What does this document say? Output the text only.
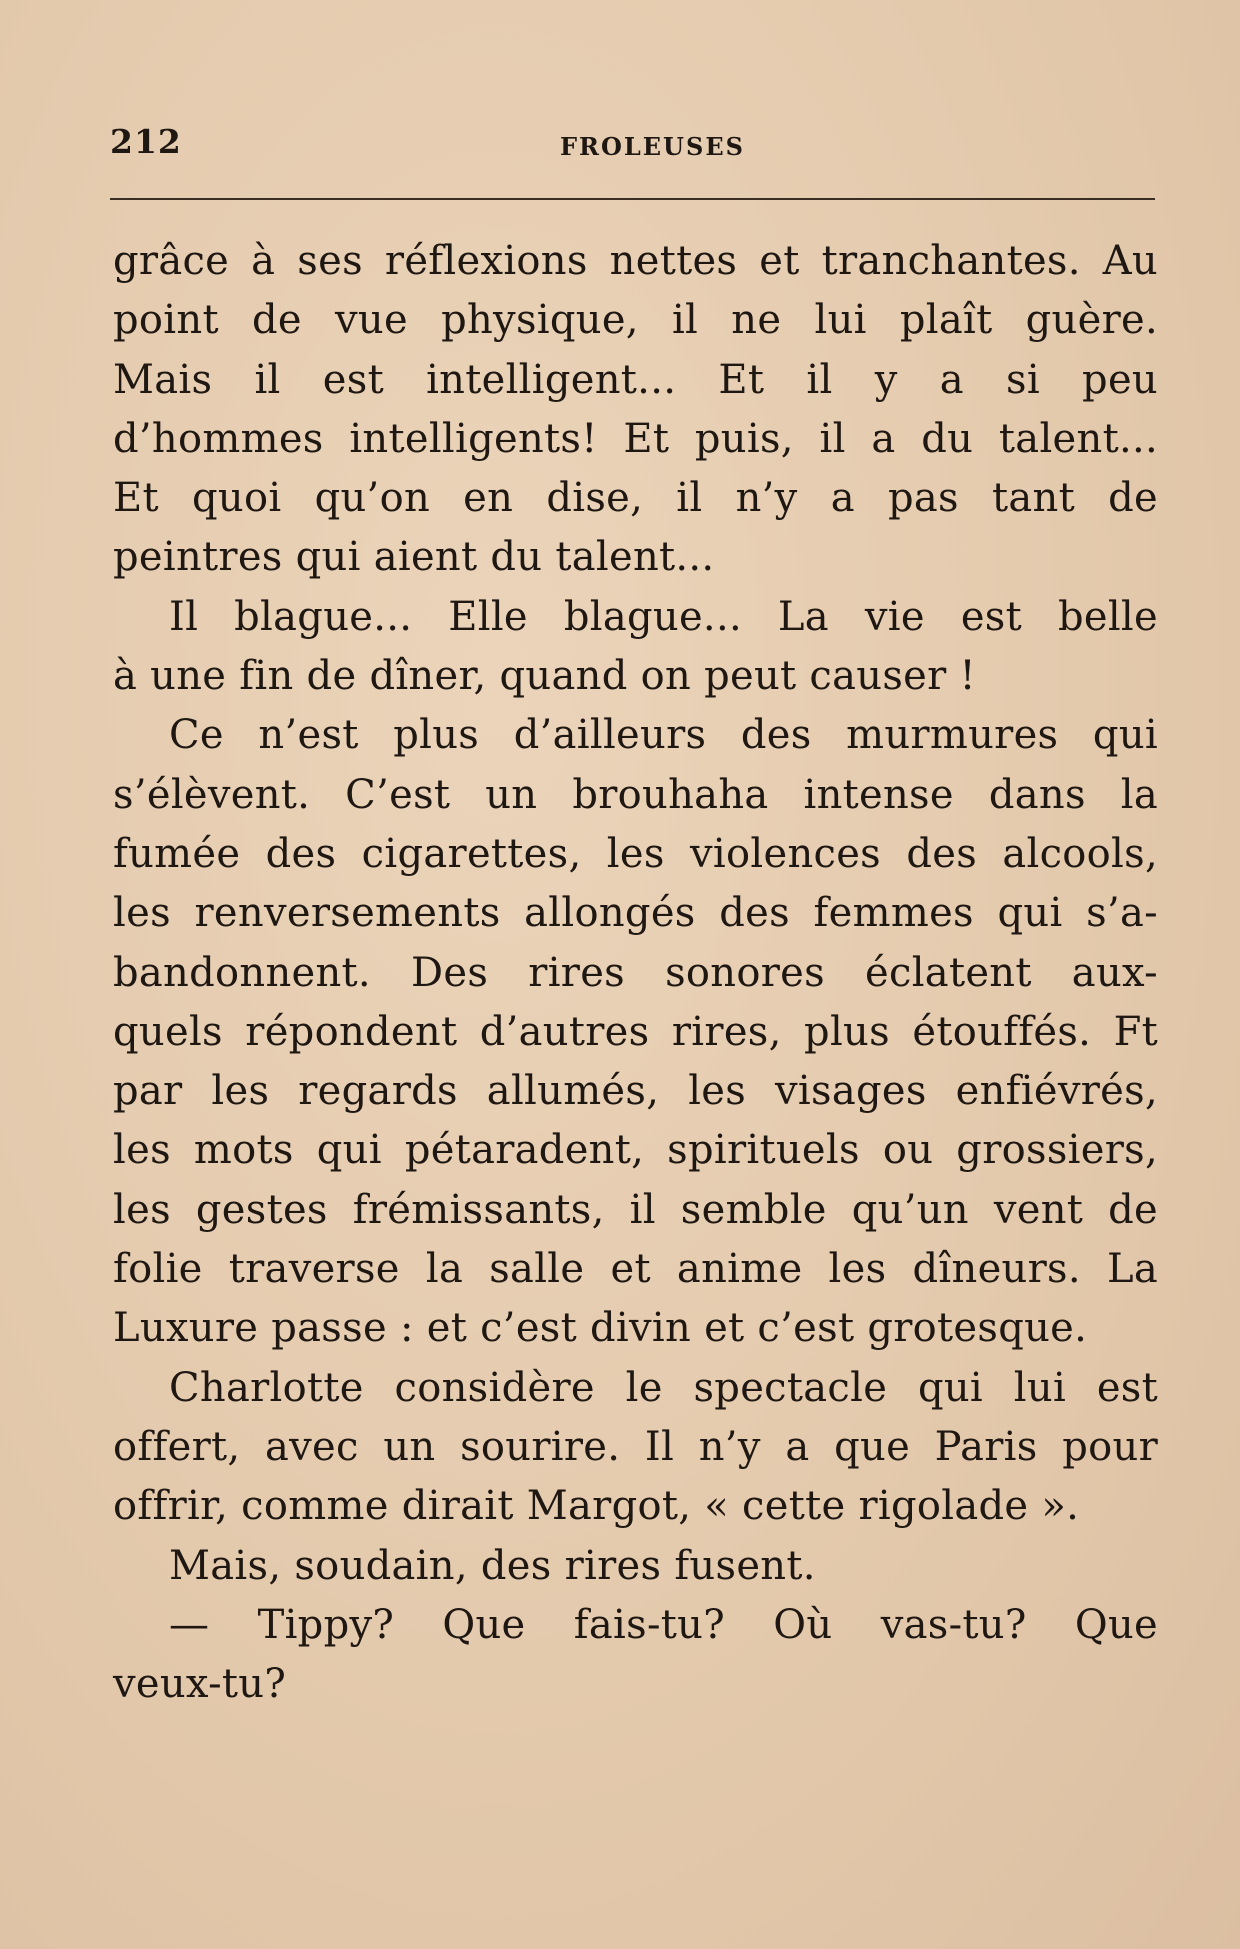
212	FROLEUSES
grâce à ses réflexions nettes et tranchantes. Au
point de vue physique, il ne lui plaît guère.
Mais il est intelligent... Et il y a si peu
d’hommes intelligents! Et puis, il a du talent...
Et quoi qu’on en dise, il n’y a pas tant de
peintres qui aient du talent...
Il blague... Elle blague... La vie est belle
à une fin de dîner, quand on peut causer !
Ce n’est plus d’ailleurs des murmures qui
s’élèvent. C’est un brouhaha intense dans la
fumée des cigarettes, les violences des alcools,
les renversements allongés des femmes qui s’a-
bandonnent. Des rires sonores éclatent aux-
quels répondent d’autres rires, plus étouffés. Ft
par les regards allumés, les visages enfiévrés,
les mots qui pétaradent, spirituels ou grossiers,
les gestes frémissants, il semble qu’un vent de
folie traverse la salle et anime les dîneurs. La
Luxure passe : et c’est divin et c’est grotesque.
Charlotte considère le spectacle qui lui est
offert, avec un sourire. Il n’y a que Paris pour
offrir, comme dirait Margot, « cette rigolade ».
Mais, soudain, des rires fusent.
— Tippy? Que fais-tu? Où vas-tu? Que
veux-tu?
